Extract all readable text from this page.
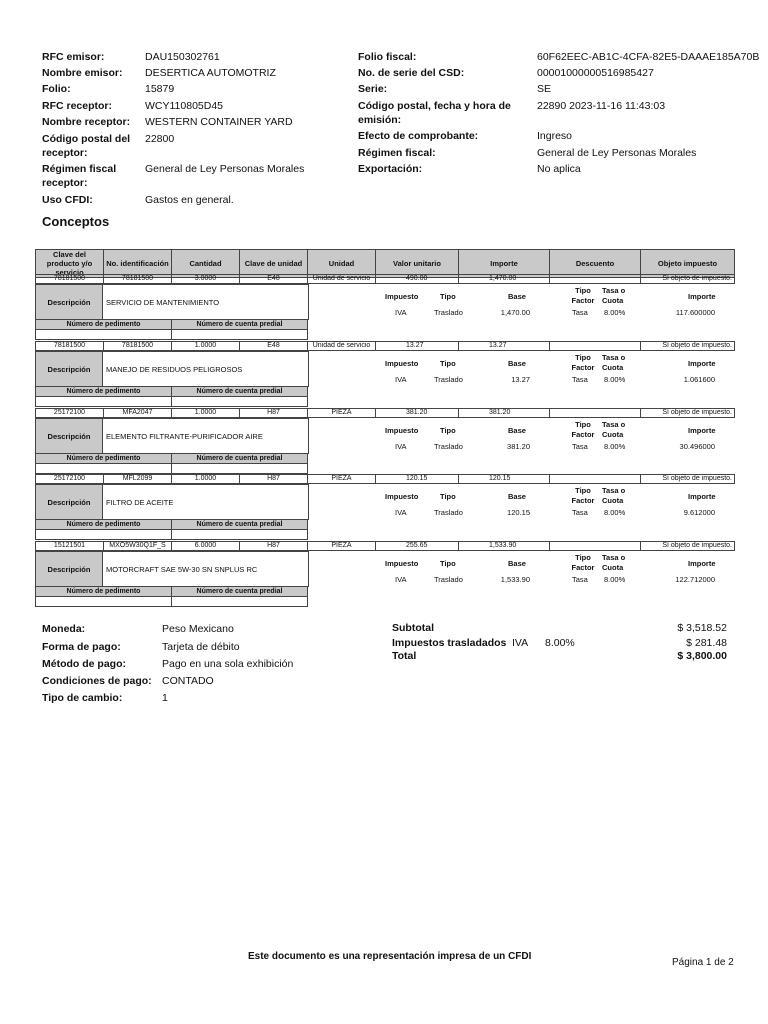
RFC emisor:	DAU150302761
Nombre emisor: DESERTICA AUTOMOTRIZ
Folio:	15879
RFC receptor:	WCY110805D45
Nombre receptor: WESTERN CONTAINER YARD
Código postal del receptor:
22800
Régimen fiscal receptor:
General de Ley Personas Morales
Uso CFDI:	Gastos en general.
Folio fiscal:	60F62EEC-AB1C-4CFA-82E5-DAAAE185A70B
No. de serie del CSD:	00001000000516985427
Serie:	SE
Código postal, fecha y hora de emisión:
22890 2023-11-16 11:43:03
Efecto de comprobante:	Ingreso
Régimen fiscal:	General de Ley Personas Morales
Exportación:	No aplica
Conceptos
Clave del producto y/o servicio	No. identificación	Cantidad	Clave de unidad	Unidad	Valor unitario	Importe	Descuento	Objeto impuesto
78181500	78181500	3.0000	E48	Unidad de servicio	490.00	1,470.00		Sí objeto de impuesto.
Descripción	SERVICIO DE MANTENIMIENTO
Impuesto	Tipo	Base
Tipo Factor
Tasa o Cuota	Importe
IVA	Traslado	1,470.00	Tasa 8.00%	117.600000
Número de pedimento	Número de cuenta predial

78181500	78181500	1.0000	E48	Unidad de servicio	13.27	13.27		Sí objeto de impuesto.
Descripción	MANEJO DE RESIDUOS PELIGROSOS
Impuesto	Tipo	Base
Tipo Factor
Tasa o Cuota	Importe
IVA	Traslado	13.27	Tasa 8.00%	1.061600
Número de pedimento	Número de cuenta predial

25172100	MFA2047	1.0000	H87	PIEZA	381.20	381.20		Sí objeto de impuesto.
Descripción	ELEMENTO FILTRANTE-PURIFICADOR AIRE
Impuesto	Tipo	Base
Tipo Factor
Tasa o Cuota	Importe
IVA	Traslado	381.20	Tasa 8.00%	30.496000
Número de pedimento	Número de cuenta predial

25172100	MFL2099	1.0000	H87	PIEZA	120.15	120.15		Sí objeto de impuesto.
Descripción	FILTRO DE ACEITE
Impuesto	Tipo	Base
Tipo Factor
Tasa o Cuota	Importe
IVA	Traslado	120.15	Tasa 8.00%	9.612000
Número de pedimento	Número de cuenta predial

15121501	MXO5W30Q1F_S	6.0000	H87	PIEZA	255.65	1,533.90		Sí objeto de impuesto.
Descripción	MOTORCRAFT SAE 5W-30 SN SNPLUS RC
Impuesto	Tipo	Base
Tipo Factor
Tasa o Cuota	Importe
IVA	Traslado	1,533.90	Tasa 8.00%	122.712000
Número de pedimento	Número de cuenta predial

Moneda:	Peso Mexicano
Forma de pago:	Tarjeta de débito
Método de pago:	Pago en una sola exhibición
Condiciones de pago: CONTADO
Tipo de cambio:	1
Subtotal	$ 3,518.52
Impuestos trasladados IVA 8.00%	$ 281.48
Total	$ 3,800.00
Este documento es una representación impresa de un CFDI
Página 1 de 2
